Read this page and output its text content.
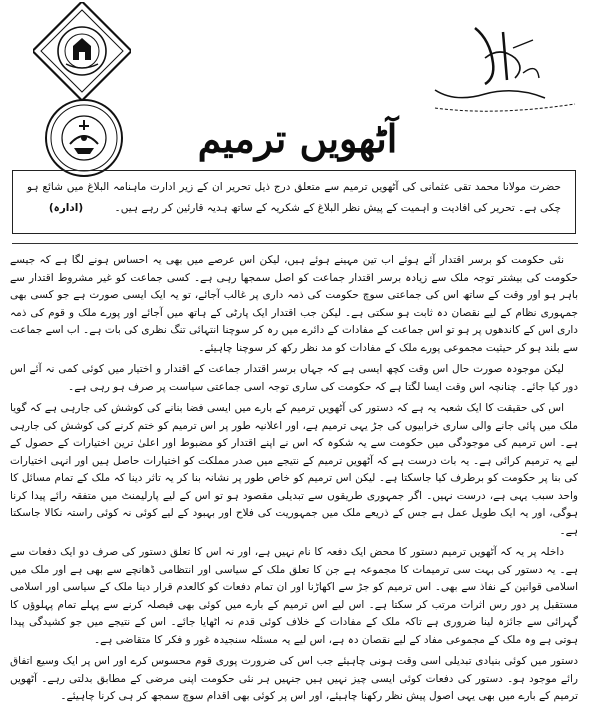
آٹھویں ترمیم

حضرت مولانا محمد تقی عثمانی کی آٹھویں ترمیم سے متعلق درج ذیل تحریر ان کے زیر ادارت ماہنامہ البلاغ میں شائع ہو چکی ہے۔ تحریر کی افادیت و اہمیت کے پیش نظر البلاغ کے شکریہ کے ساتھ ہدیہ قارئین کر رہے ہیں۔ (ادارہ)

نئی حکومت کو برسر اقتدار آئے ہوئے اب تین مہینے ہوئے ہیں، لیکن اس عرصے میں بھی یہ احساس ہونے لگا ہے کہ جیسے حکومت کی بیشتر توجہ ملک سے زیادہ برسر اقتدار جماعت کو اصل سمجھا رہی ہے۔ کسی جماعت کو غیر مشروط اقتدار سے باہر ہو اور وقت کے ساتھ اس کی جماعتی سوچ حکومت کی ذمہ داری پر غالب آجائے، تو یہ ایک ایسی صورت ہے جو کسی بھی جمہوری نظام کے لیے نقصان دہ ثابت ہو سکتی ہے۔ لیکن جب اقتدار ایک پارٹی کے ہاتھ میں آجائے اور پورے ملک و قوم کی ذمہ داری اس کے کاندھوں پر ہو تو اس جماعت کے مفادات کے دائرے میں رہ کر سوچنا انتہائی تنگ نظری کی بات ہے۔ اب اسے جماعت سے بلند ہو کر حیثیت مجموعی پورے ملک کے مفادات کو مد نظر رکھ کر سوچنا چاہیئے۔

لیکن موجودہ صورت حال اس وقت کچھ ایسی ہے کہ جہاں برسر اقتدار جماعت کے اقتدار و اختیار میں کوئی کمی نہ آئے اس دور کیا جائے۔ چنانچہ اس وقت ایسا لگتا ہے کہ حکومت کی ساری توجہ اسی جماعتی سیاست پر صرف ہو رہی ہے۔

اس کی حقیقت کا ایک شعبہ یہ ہے کہ دستور کی آٹھویں ترمیم کے بارے میں ایسی فضا بنانے کی کوشش کی جارہی ہے کہ گویا ملک میں پائی جانے والی ساری خرابیوں کی جڑ یہی ترمیم ہے، اور اعلانیہ طور پر اس ترمیم کو ختم کرنے کی کوشش کی جارہی ہے۔ اس ترمیم کی موجودگی میں حکومت سے یہ شکوہ کہ اس نے اپنے اقتدار کو مضبوط اور اعلیٰ ترین اختیارات کے حصول کے لیے یہ ترمیم کرائی ہے۔ یہ بات درست ہے کہ آٹھویں ترمیم کے نتیجے میں صدر مملکت کو اختیارات حاصل ہیں اور انہی اختیارات کی بنا پر حکومت کو برطرف کیا جاسکتا ہے۔ لیکن اس ترمیم کو خاص طور پر نشانہ بنا کر یہ تاثر دینا کہ ملک کے تمام مسائل کا واحد سبب یہی ہے، درست نہیں۔ اگر جمہوری طریقوں سے تبدیلی مقصود ہو تو اس کے لیے پارلیمنٹ میں متفقہ رائے پیدا کرنا ہوگی، اور یہ ایک طویل عمل ہے جس کے ذریعے ملک میں جمہوریت کی فلاح اور بہبود کے لیے کوئی نہ کوئی راستہ نکالا جاسکتا ہے۔

داخلہ پر یہ کہ آٹھویں ترمیم دستور کا محض ایک دفعہ کا نام نہیں ہے، اور نہ اس کا تعلق دستور کی صرف دو ایک دفعات سے ہے۔ یہ دستور کی بہت سی ترمیمات کا مجموعہ ہے جن کا تعلق ملک کے سیاسی اور انتظامی ڈھانچے سے بھی ہے اور ملک میں اسلامی قوانین کے نفاذ سے بھی۔ اس ترمیم کو جڑ سے اکھاڑنا اور ان تمام دفعات کو کالعدم قرار دینا ملک کے سیاسی اور اسلامی مستقبل پر دور رس اثرات مرتب کر سکتا ہے۔ اس لیے اس ترمیم کے بارے میں کوئی بھی فیصلہ کرنے سے پہلے تمام پہلوؤں کا گہرائی سے جائزہ لینا ضروری ہے تاکہ ملک کے مفادات کے خلاف کوئی قدم نہ اٹھایا جائے۔ اس کے نتیجے میں جو کشیدگی پیدا ہوتی ہے وہ ملک کے مجموعی مفاد کے لیے نقصان دہ ہے، اس لیے یہ مسئلہ سنجیدہ غور و فکر کا متقاضی ہے۔

دستور میں کوئی بنیادی تبدیلی اسی وقت ہونی چاہیئے جب اس کی ضرورت پوری قوم محسوس کرے اور اس پر ایک وسیع اتفاق رائے موجود ہو۔ دستور کی دفعات کوئی ایسی چیز نہیں ہیں جنہیں ہر نئی حکومت اپنی مرضی کے مطابق بدلتی رہے۔ آٹھویں ترمیم کے بارے میں بھی یہی اصول پیش نظر رکھنا چاہیئے، اور اس پر کوئی بھی اقدام سوچ سمجھ کر ہی کرنا چاہیئے۔
